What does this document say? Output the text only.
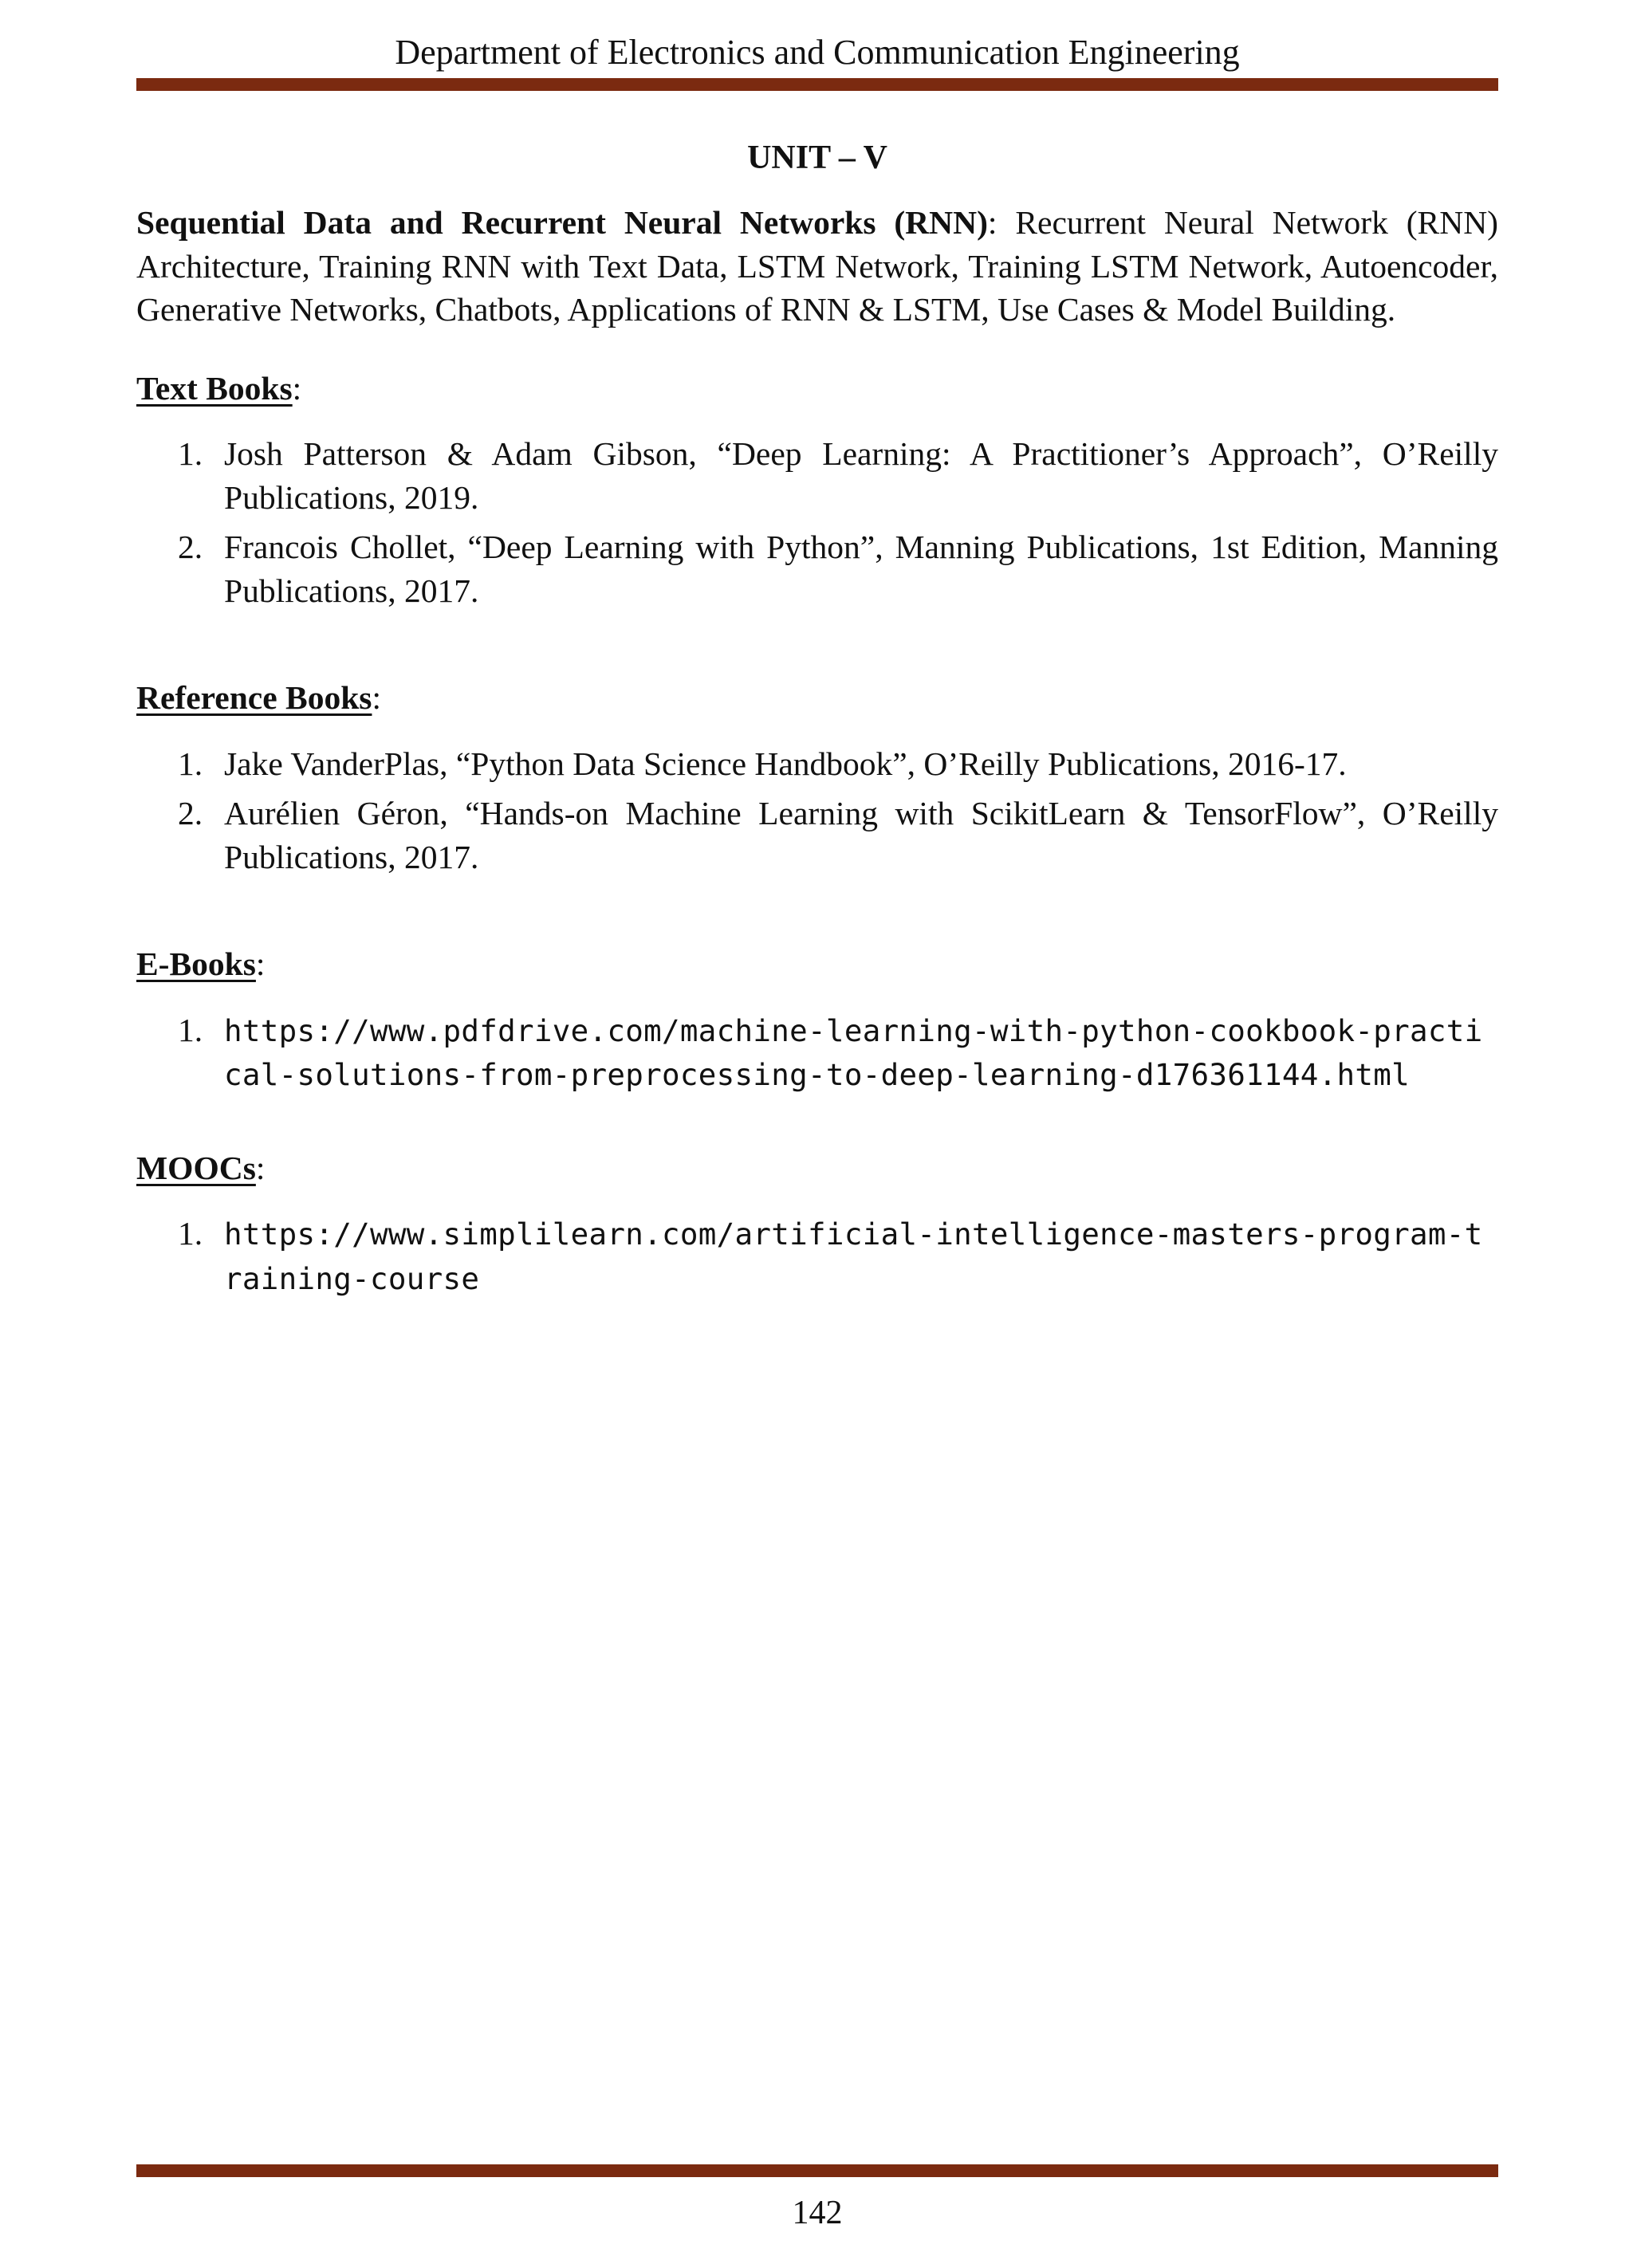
Department of Electronics and Communication Engineering
UNIT – V

Sequential Data and Recurrent Neural Networks (RNN): Recurrent Neural Network (RNN) Architecture, Training RNN with Text Data, LSTM Network, Training LSTM Network, Autoencoder, Generative Networks, Chatbots, Applications of RNN & LSTM, Use Cases & Model Building.

Text Books:
1. Josh Patterson & Adam Gibson, “Deep Learning: A Practitioner’s Approach”, O’Reilly Publications, 2019.
2. Francois Chollet, “Deep Learning with Python”, Manning Publications, 1st Edition, Manning Publications, 2017.
Reference Books:
1. Jake VanderPlas, “Python Data Science Handbook”, O’Reilly Publications, 2016-17.
2. Aurélien Géron, “Hands-on Machine Learning with ScikitLearn & TensorFlow”, O’Reilly Publications, 2017.
E-Books:
1. https://www.pdfdrive.com/machine-learning-with-python-cookbook-practical-solutions-from-preprocessing-to-deep-learning-d176361144.html
MOOCs:
1. https://www.simplilearn.com/artificial-intelligence-masters-program-training-course
142
